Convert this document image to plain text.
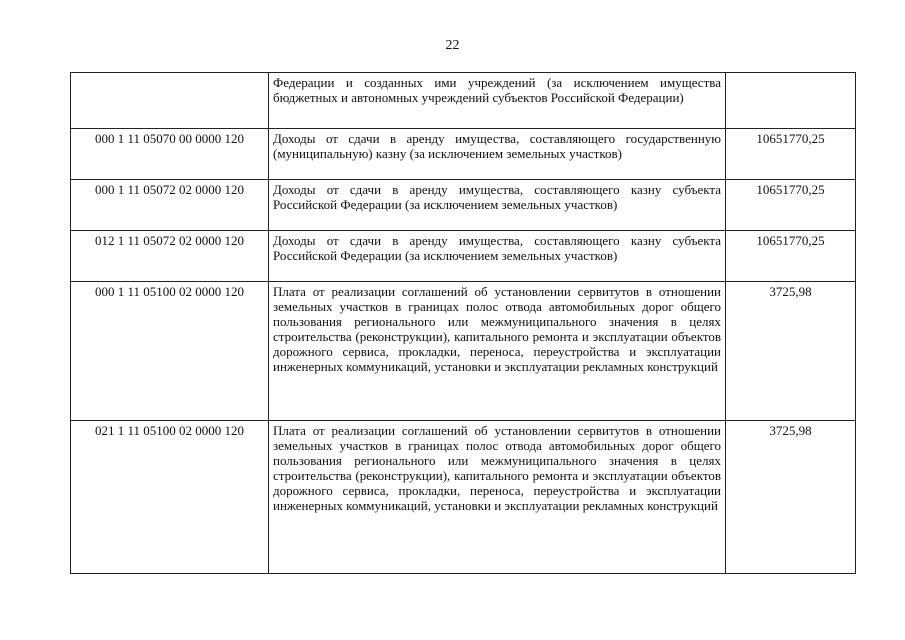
22
	Федерации и созданных ими учреждений (за исключением имущества бюджетных и автономных учреждений субъектов Российской Федерации)	
000 1 11 05070 00 0000 120	Доходы от сдачи в аренду имущества, составляющего государственную (муниципальную) казну (за исключением земельных участков)	10651770,25
000 1 11 05072 02 0000 120	Доходы от сдачи в аренду имущества, составляющего казну субъекта Российской Федерации (за исключением земельных участков)	10651770,25
012 1 11 05072 02 0000 120	Доходы от сдачи в аренду имущества, составляющего казну субъекта Российской Федерации (за исключением земельных участков)	10651770,25
000 1 11 05100 02 0000 120	Плата от реализации соглашений об установлении сервитутов в отношении земельных участков в границах полос отвода автомобильных дорог общего пользования регионального или межмуниципального значения в целях строительства (реконструкции), капитального ремонта и эксплуатации объектов дорожного сервиса, прокладки, переноса, переустройства и эксплуатации инженерных коммуникаций, установки и эксплуатации рекламных конструкций	3725,98
021 1 11 05100 02 0000 120	Плата от реализации соглашений об установлении сервитутов в отношении земельных участков в границах полос отвода автомобильных дорог общего пользования регионального или межмуниципального значения в целях строительства (реконструкции), капитального ремонта и эксплуатации объектов дорожного сервиса, прокладки, переноса, переустройства и эксплуатации инженерных коммуникаций, установки и эксплуатации рекламных конструкций	3725,98
